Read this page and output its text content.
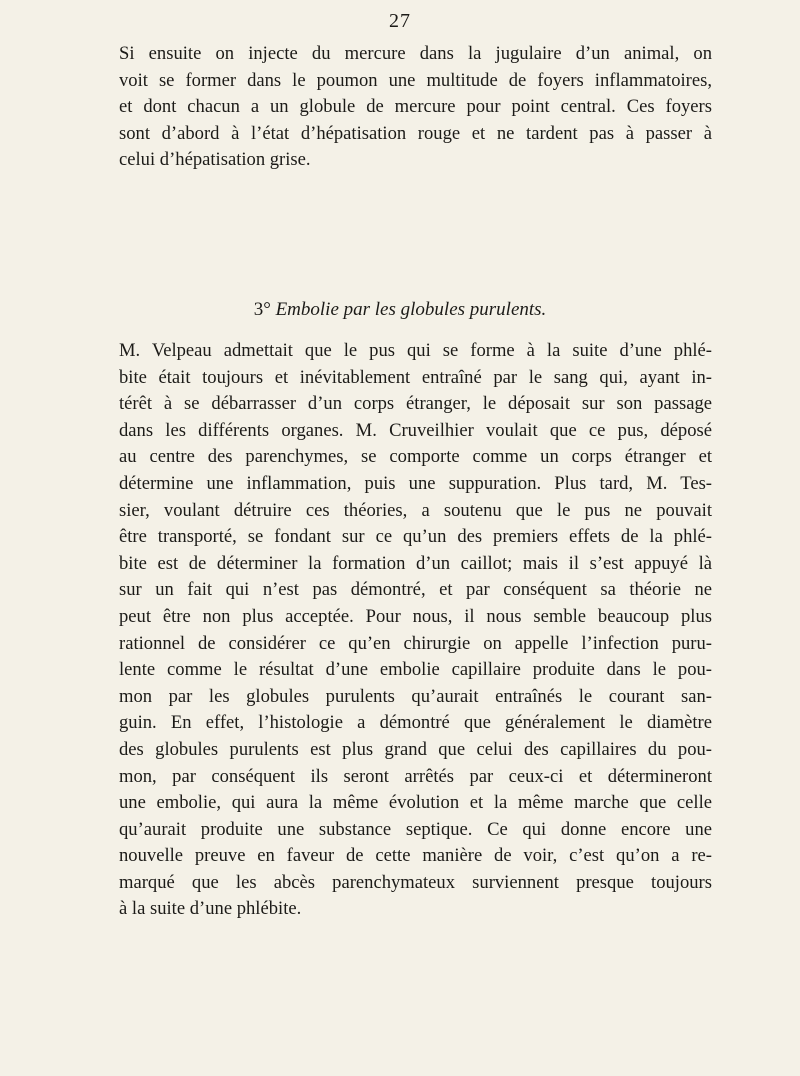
27
Si ensuite on injecte du mercure dans la jugulaire d’un animal, on
voit se former dans le poumon une multitude de foyers inflammatoires,
et dont chacun a un globule de mercure pour point central. Ces foyers
sont d’abord à l’état d’hépatisation rouge et ne tardent pas à passer à
celui d’hépatisation grise.
3° Embolie par les globules purulents.
M. Velpeau admettait que le pus qui se forme à la suite d’une phlé-
bite était toujours et inévitablement entraîné par le sang qui, ayant in-
térêt à se débarrasser d’un corps étranger, le déposait sur son passage
dans les différents organes. M. Cruveilhier voulait que ce pus, déposé
au centre des parenchymes, se comporte comme un corps étranger et
détermine une inflammation, puis une suppuration. Plus tard, M. Tes-
sier, voulant détruire ces théories, a soutenu que le pus ne pouvait
être transporté, se fondant sur ce qu’un des premiers effets de la phlé-
bite est de déterminer la formation d’un caillot; mais il s’est appuyé là
sur un fait qui n’est pas démontré, et par conséquent sa théorie ne
peut être non plus acceptée. Pour nous, il nous semble beaucoup plus
rationnel de considérer ce qu’en chirurgie on appelle l’infection puru-
lente comme le résultat d’une embolie capillaire produite dans le pou-
mon par les globules purulents qu’aurait entraînés le courant san-
guin. En effet, l’histologie a démontré que généralement le diamètre
des globules purulents est plus grand que celui des capillaires du pou-
mon, par conséquent ils seront arrêtés par ceux-ci et détermineront
une embolie, qui aura la même évolution et la même marche que celle
qu’aurait produite une substance septique. Ce qui donne encore une
nouvelle preuve en faveur de cette manière de voir, c’est qu’on a re-
marqué que les abcès parenchymateux surviennent presque toujours
à la suite d’une phlébite.
